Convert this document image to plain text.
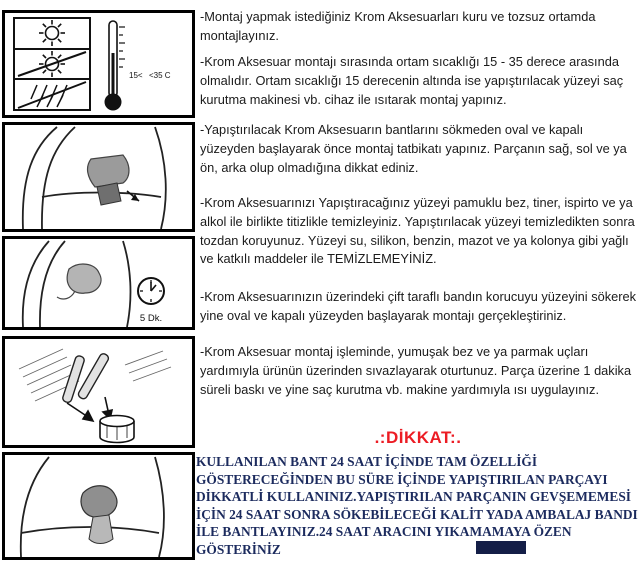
15< <35 C
5 Dk.

-Montaj yapmak istediğiniz Krom Aksesuarları kuru ve tozsuz ortamda montajlayınız.

-Krom Aksesuar montajı sırasında ortam sıcaklığı 15 - 35 derece arasında olmalıdır. Ortam sıcaklığı 15 derecenin altında ise yapıştırılacak yüzeyi saç kurutma makinesi vb. cihaz ile ısıtarak montaj yapınız.

-Yapıştırılacak Krom Aksesuarın bantlarını sökmeden oval ve kapalı yüzeyden başlayarak önce montaj tatbikatı yapınız. Parçanın sağ, sol ve ya ön, arka olup olmadığına dikkat ediniz.

-Krom Aksesuarınızı Yapıştıracağınız yüzeyi pamuklu bez, tiner, ispirto ve ya alkol ile birlikte titizlikle temizleyiniz. Yapıştırılacak yüzeyi temizledikten sonra tozdan koruyunuz. Yüzeyi su, silikon, benzin, mazot ve ya kolonya gibi yağlı ve katkılı maddeler ile TEMİZLEMEYİNİZ.

-Krom Aksesuarınızın üzerindeki çift taraflı bandın korucuyu yüzeyini sökerek yine oval ve kapalı yüzeyden başlayarak montajı gerçekleştiriniz.

-Krom Aksesuar montaj işleminde, yumuşak bez ve ya parmak uçları yardımıyla ürünün üzerinden sıvazlayarak oturtunuz. Parça üzerine 1 dakika süreli baskı ve yine saç kurutma vb. makine yardımıyla ısı uygulayınız.

.:DİKKAT:.

KULLANILAN BANT 24 SAAT İÇİNDE TAM ÖZELLİĞİ GÖSTERECEĞİNDEN BU SÜRE İÇİNDE YAPIŞTIRILAN PARÇAYI DİKKATLİ KULLANINIZ.YAPIŞTIRILAN PARÇANIN GEVŞEMEMESİ İÇİN 24 SAAT SONRA SÖKEBİLECEĞİ KALİT YADA AMBALAJ BANDI İLE BANTLAYINIZ.24 SAAT ARACINI YIKAMAMAYA ÖZEN GÖSTERİNİZ
